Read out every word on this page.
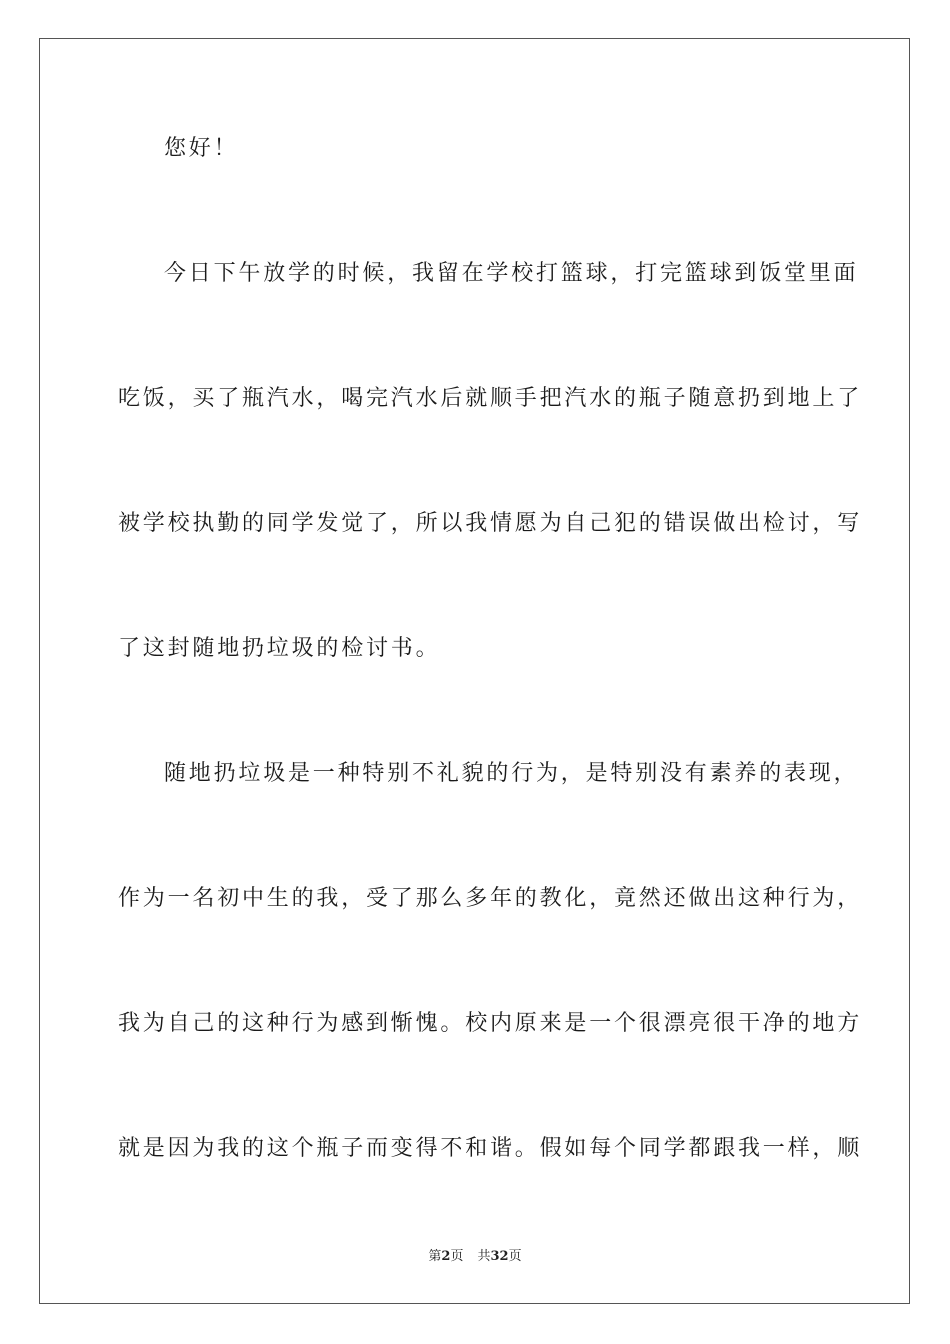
您好！
今日下午放学的时候，我留在学校打篮球，打完篮球到饭堂里面
吃饭，买了瓶汽水，喝完汽水后就顺手把汽水的瓶子随意扔到地上了
被学校执勤的同学发觉了，所以我情愿为自己犯的错误做出检讨，写
了这封随地扔垃圾的检讨书。
随地扔垃圾是一种特别不礼貌的行为，是特别没有素养的表现，
作为一名初中生的我，受了那么多年的教化，竟然还做出这种行为，
我为自己的这种行为感到惭愧。校内原来是一个很漂亮很干净的地方
就是因为我的这个瓶子而变得不和谐。假如每个同学都跟我一样，顺
第2页 共32页
